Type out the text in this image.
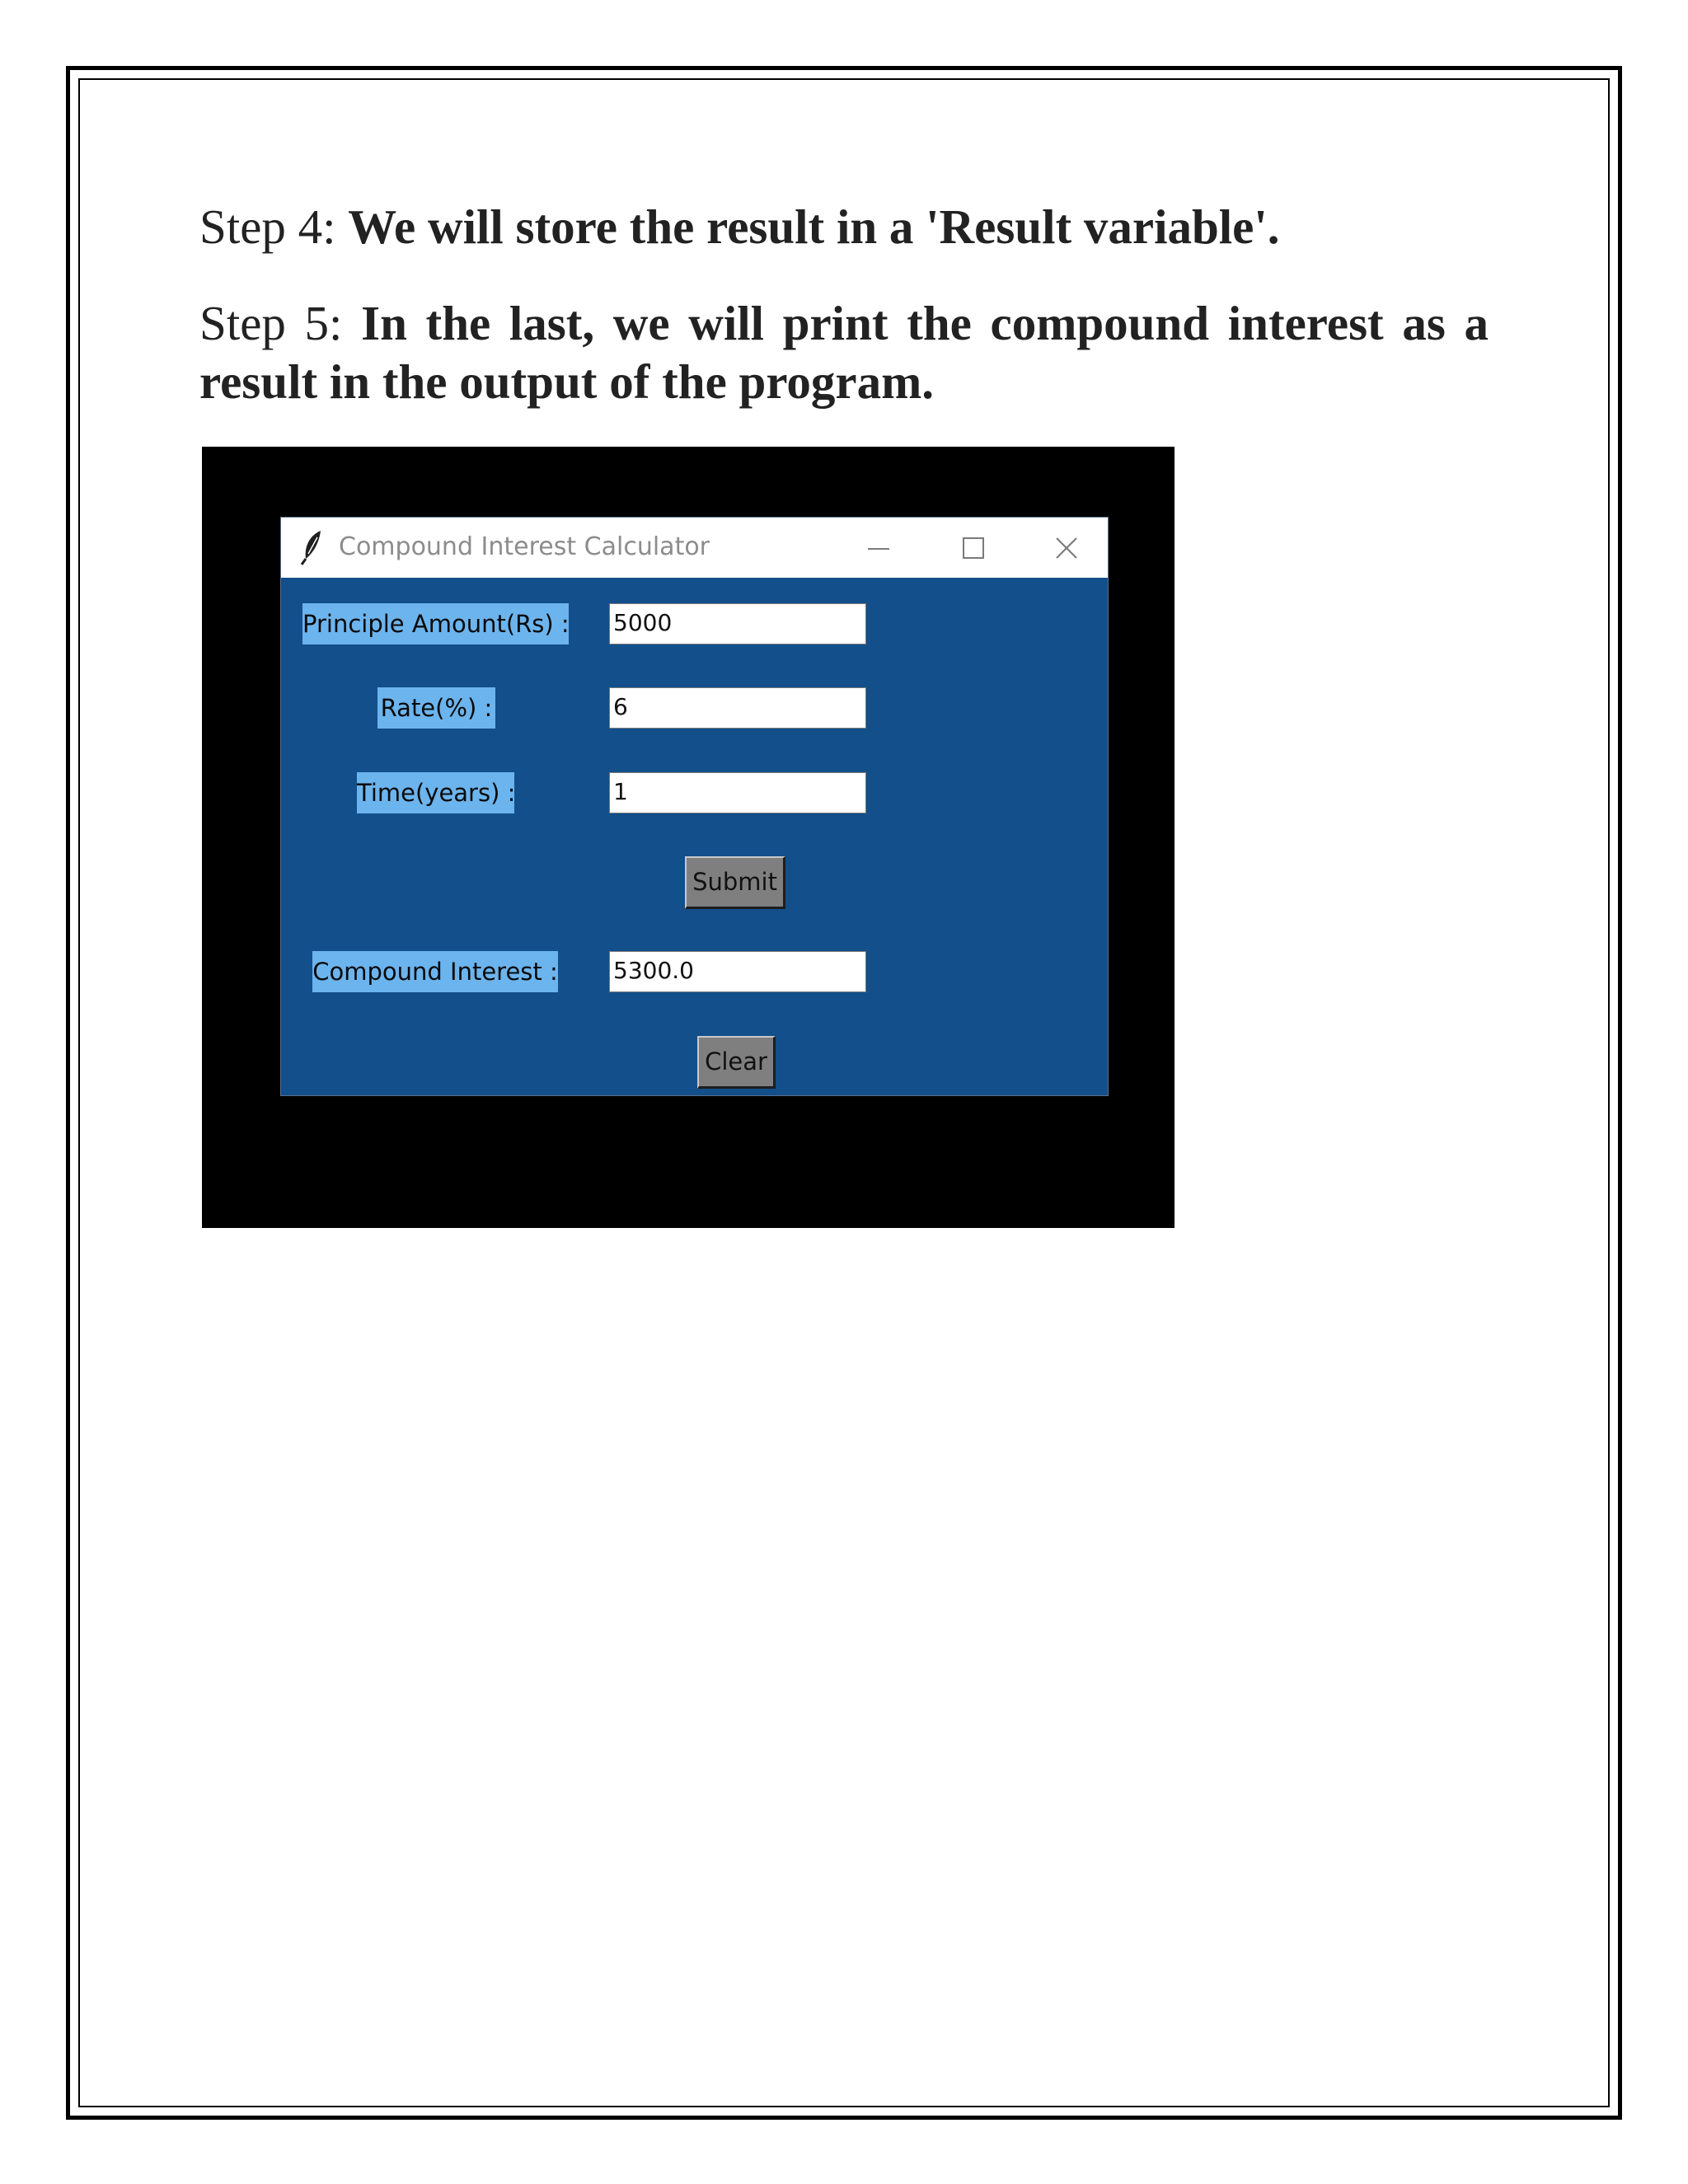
Step 4: We will store the result in a 'Result variable'.
Step 5: In the last, we will print the compound interest as a result in the output of the program.
Compound Interest Calculator
Principle Amount(Rs) : 5000
Rate(%) :	6
Time(years) :	1
Submit
Compound Interest : 5300.0
Clear
